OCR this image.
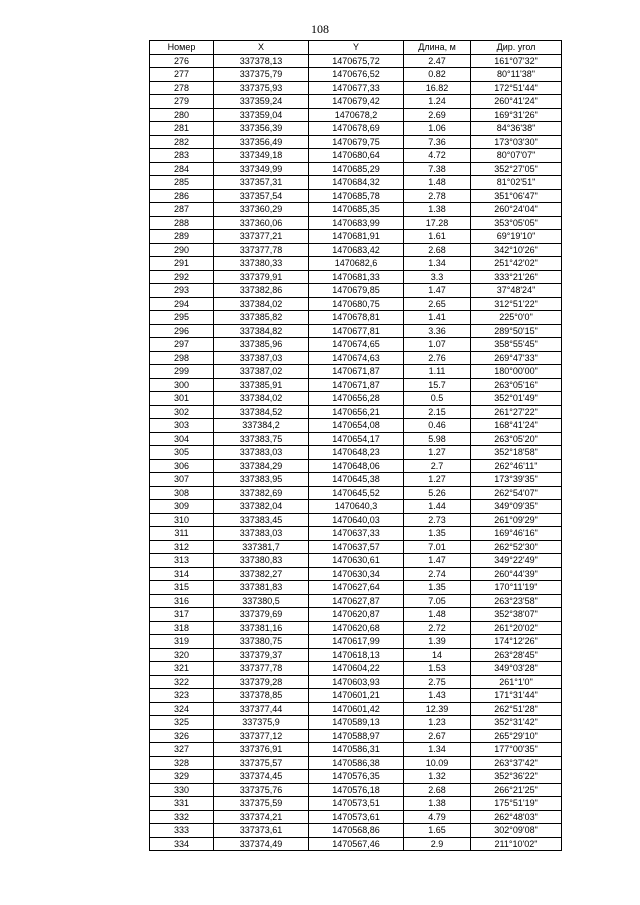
108
Номер	X	Y	Длина, м	Дир. угол
276	337378,13	1470675,72	2.47	161°07'32"
277	337375,79	1470676,52	0.82	80°11'38"
278	337375,93	1470677,33	16.82	172°51'44"
279	337359,24	1470679,42	1.24	260°41'24"
280	337359,04	1470678,2	2.69	169°31'26"
281	337356,39	1470678,69	1.06	84°36'38"
282	337356,49	1470679,75	7.36	173°03'30"
283	337349,18	1470680,64	4.72	80°07'07"
284	337349,99	1470685,29	7.38	352°27'05"
285	337357,31	1470684,32	1.48	81°02'51"
286	337357,54	1470685,78	2.78	351°06'47"
287	337360,29	1470685,35	1.38	260°24'04"
288	337360,06	1470683,99	17.28	353°05'05"
289	337377,21	1470681,91	1.61	69°19'10"
290	337377,78	1470683,42	2.68	342°10'26"
291	337380,33	1470682,6	1.34	251°42'02"
292	337379,91	1470681,33	3.3	333°21'26"
293	337382,86	1470679,85	1.47	37°48'24"
294	337384,02	1470680,75	2.65	312°51'22"
295	337385,82	1470678,81	1.41	225°0'0"
296	337384,82	1470677,81	3.36	289°50'15"
297	337385,96	1470674,65	1.07	358°55'45"
298	337387,03	1470674,63	2.76	269°47'33"
299	337387,02	1470671,87	1.11	180°00'00"
300	337385,91	1470671,87	15.7	263°05'16"
301	337384,02	1470656,28	0.5	352°01'49"
302	337384,52	1470656,21	2.15	261°27'22"
303	337384,2	1470654,08	0.46	168°41'24"
304	337383,75	1470654,17	5.98	263°05'20"
305	337383,03	1470648,23	1.27	352°18'58"
306	337384,29	1470648,06	2.7	262°46'11"
307	337383,95	1470645,38	1.27	173°39'35"
308	337382,69	1470645,52	5.26	262°54'07"
309	337382,04	1470640,3	1.44	349°09'35"
310	337383,45	1470640,03	2.73	261°09'29"
311	337383,03	1470637,33	1.35	169°46'16"
312	337381,7	1470637,57	7.01	262°52'30"
313	337380,83	1470630,61	1.47	349°22'49"
314	337382,27	1470630,34	2.74	260°44'39"
315	337381,83	1470627,64	1.35	170°11'19"
316	337380,5	1470627,87	7.05	263°23'58"
317	337379,69	1470620,87	1.48	352°38'07"
318	337381,16	1470620,68	2.72	261°20'02"
319	337380,75	1470617,99	1.39	174°12'26"
320	337379,37	1470618,13	14	263°28'45"
321	337377,78	1470604,22	1.53	349°03'28"
322	337379,28	1470603,93	2.75	261°1'0"
323	337378,85	1470601,21	1.43	171°31'44"
324	337377,44	1470601,42	12.39	262°51'28"
325	337375,9	1470589,13	1.23	352°31'42"
326	337377,12	1470588,97	2.67	265°29'10"
327	337376,91	1470586,31	1.34	177°00'35"
328	337375,57	1470586,38	10.09	263°37'42"
329	337374,45	1470576,35	1.32	352°36'22"
330	337375,76	1470576,18	2.68	266°21'25"
331	337375,59	1470573,51	1.38	175°51'19"
332	337374,21	1470573,61	4.79	262°48'03"
333	337373,61	1470568,86	1.65	302°09'08"
334	337374,49	1470567,46	2.9	211°10'02"
